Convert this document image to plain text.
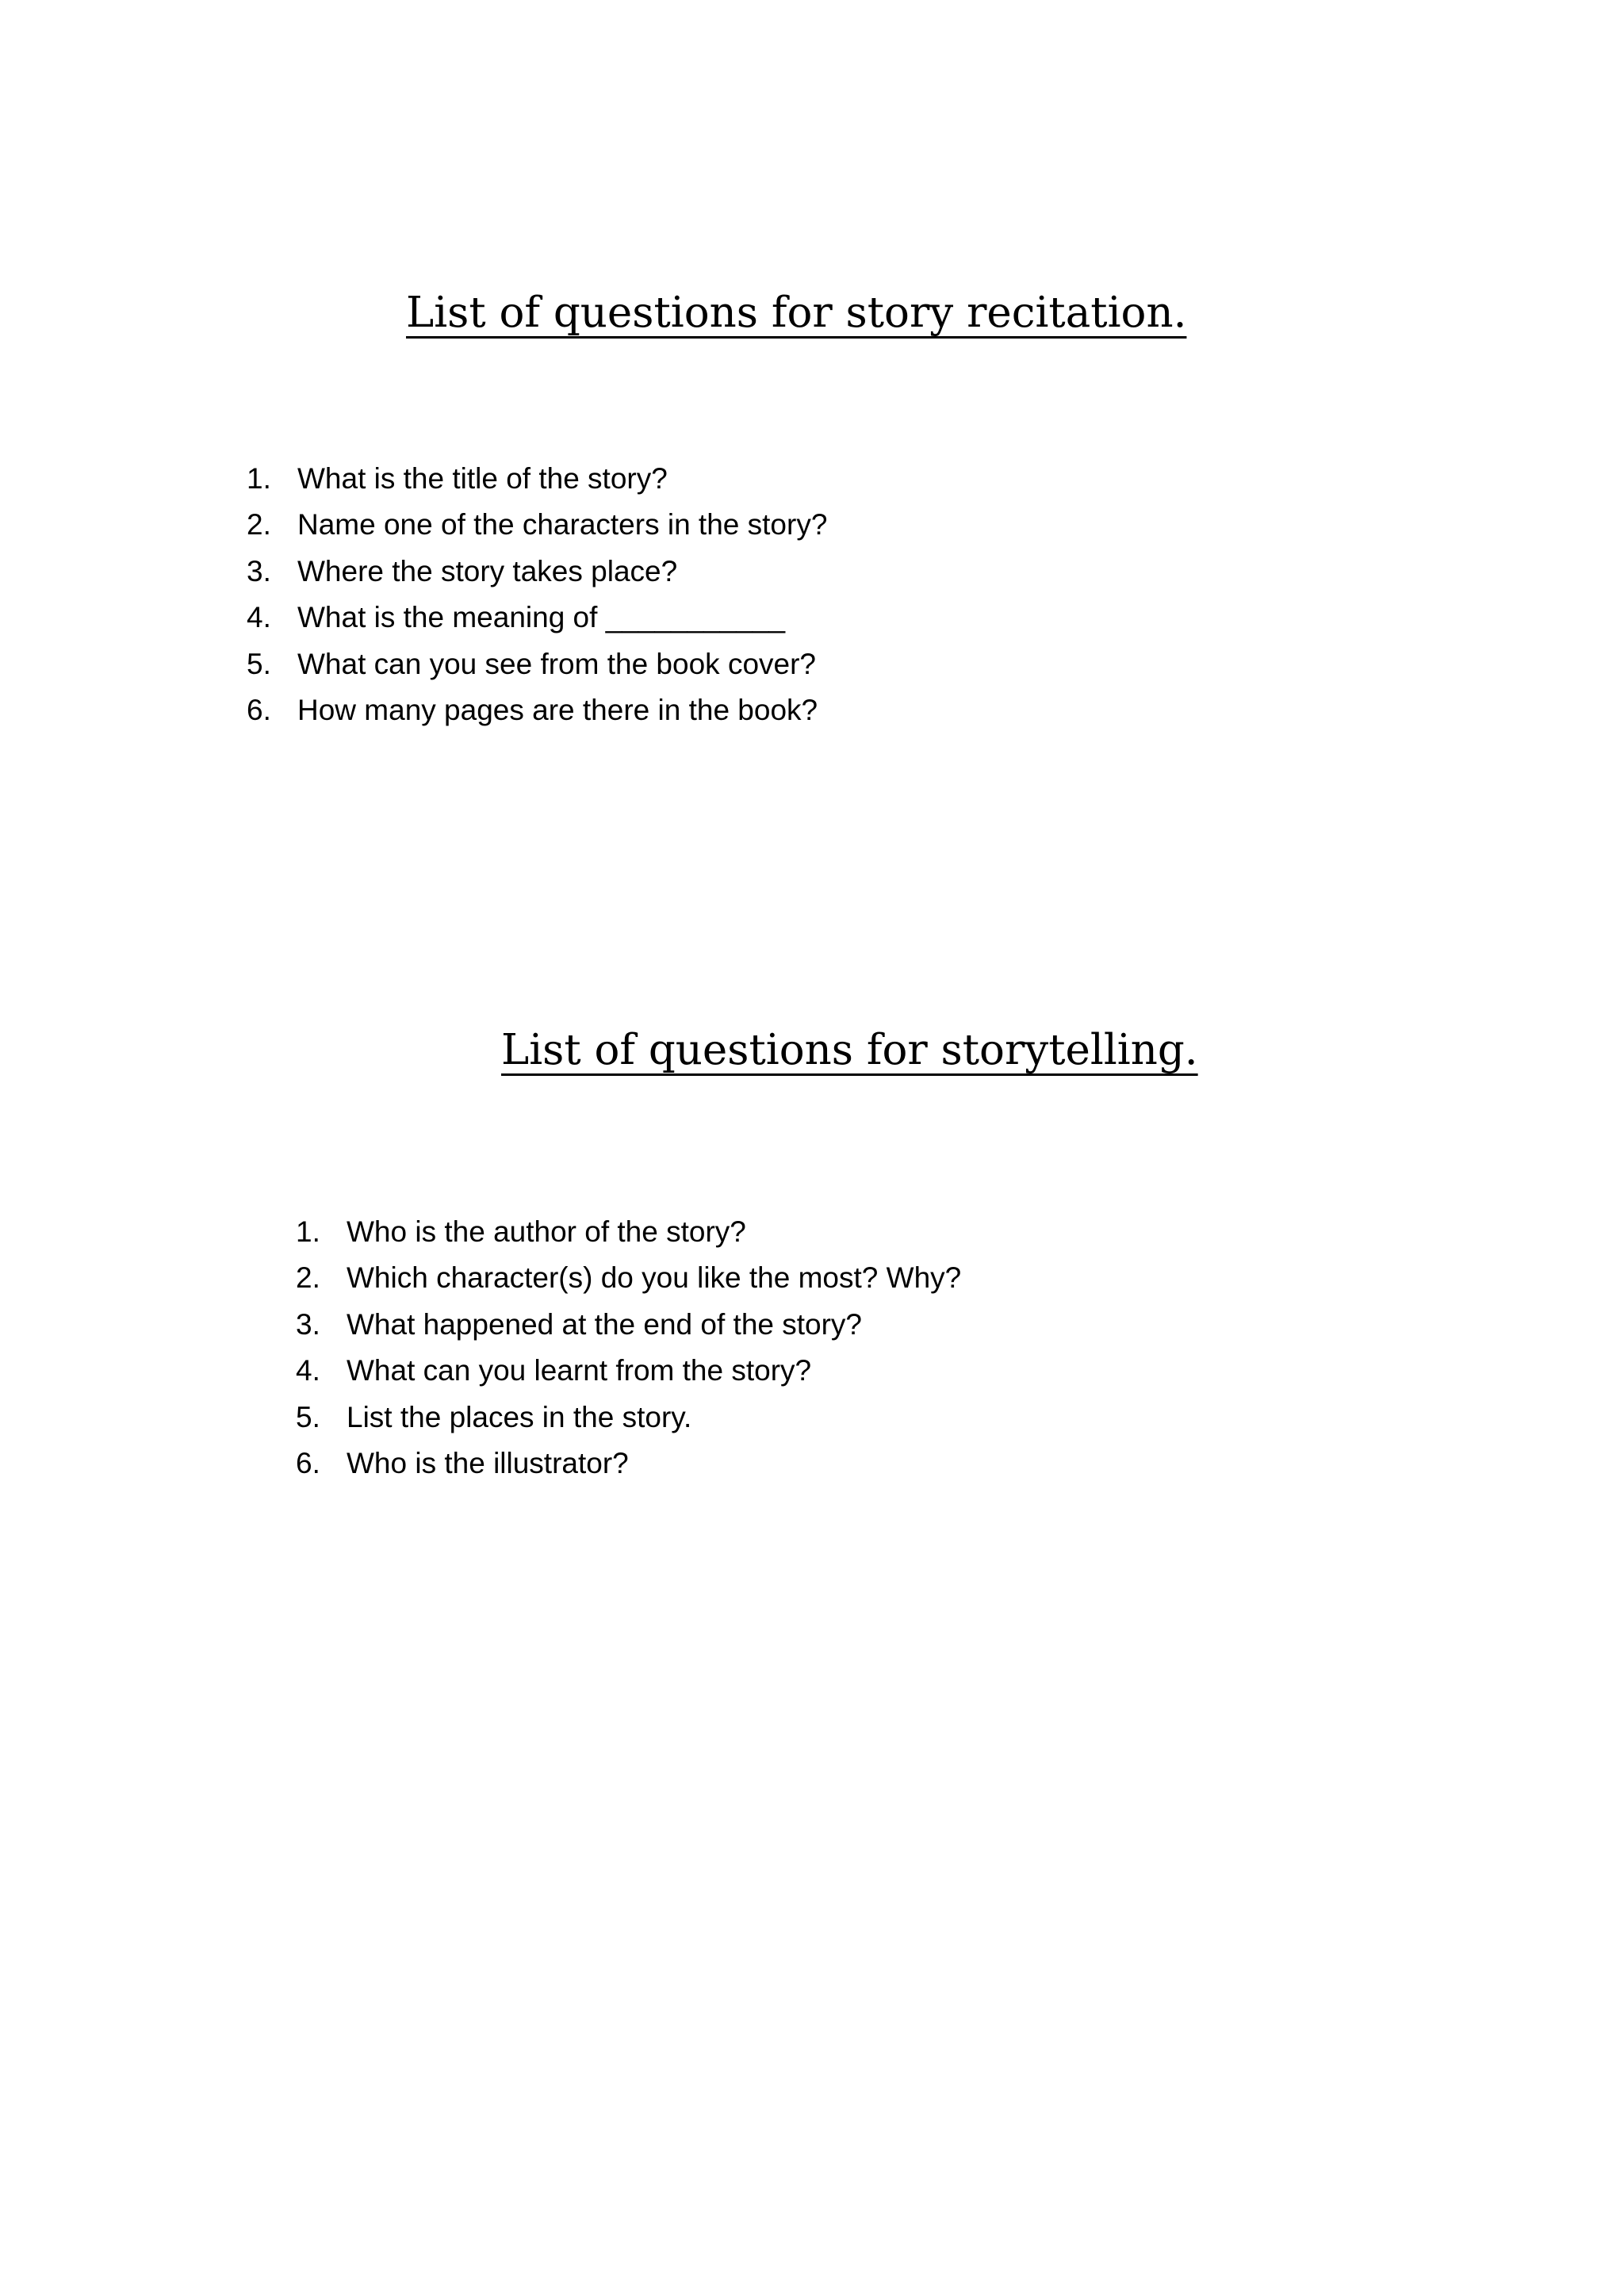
List of questions for story recitation.
1. What is the title of the story?
2. Name one of the characters in the story?
3. Where the story takes place?
4. What is the meaning of ___________
5. What can you see from the book cover?
6. How many pages are there in the book?
List of questions for storytelling.
1. Who is the author of the story?
2. Which character(s) do you like the most? Why?
3. What happened at the end of the story?
4. What can you learnt from the story?
5. List the places in the story.
6. Who is the illustrator?
